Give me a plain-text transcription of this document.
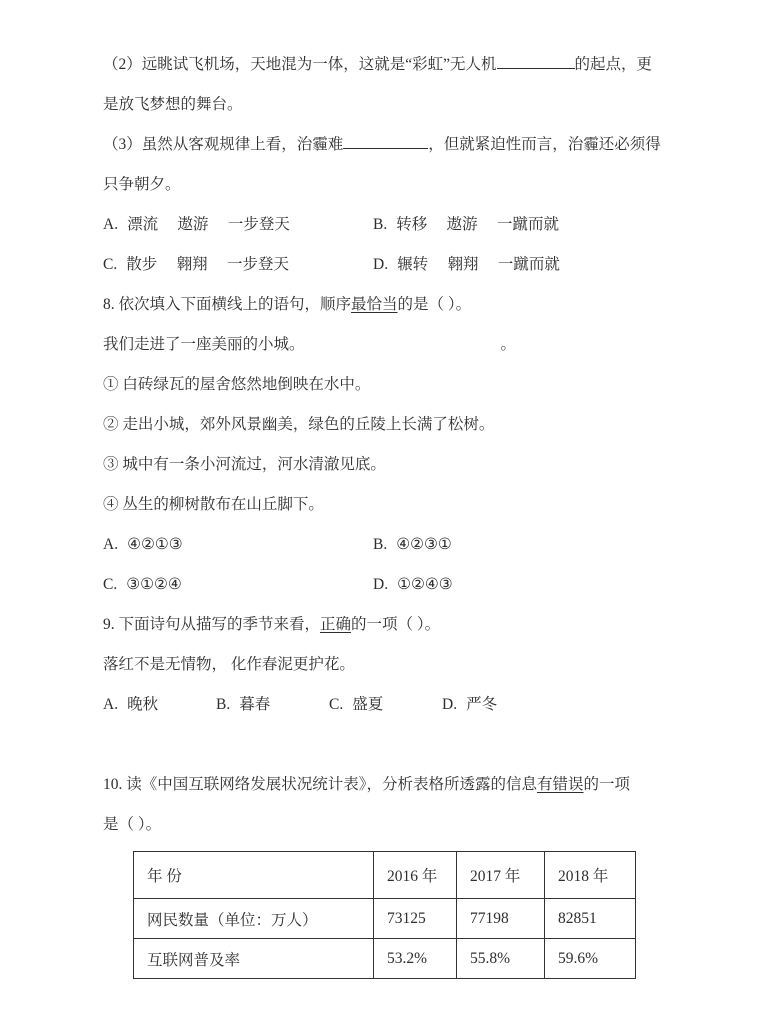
（2）远眺试飞机场，天地混为一体，这就是“彩虹”无人机	的起点，更
是放飞梦想的舞台。
（3）虽然从客观规律上看，治霾难	，但就紧迫性而言，治霾还必须得
只争朝夕。
A. 漂流　 遨游　 一步登天	B. 转移　 遨游　 一蹴而就
C. 散步　 翱翔　 一步登天	D. 辗转　 翱翔　 一蹴而就
8. 依次填入下面横线上的语句，顺序最恰当的是（ ）。
我们走进了一座美丽的小城。	。
① 白砖绿瓦的屋舍悠然地倒映在水中。
② 走出小城，郊外风景幽美，绿色的丘陵上长满了松树。
③ 城中有一条小河流过，河水清澈见底。
④ 丛生的柳树散布在山丘脚下。
A. ④②①③	B. ④②③①
C. ③①②④	D. ①②④③
9. 下面诗句从描写的季节来看，正确的一项（ ）。
落红不是无情物， 化作春泥更护花。
A. 晚秋	B. 暮春	C. 盛夏	D. 严冬
10. 读《中国互联网络发展状况统计表》，分析表格所透露的信息有错误的一项
是（ ）。
年 份	2016 年	2017 年	2018 年
网民数量（单位：万人）	73125	77198	82851
互联网普及率	53.2%	55.8%	59.6%
